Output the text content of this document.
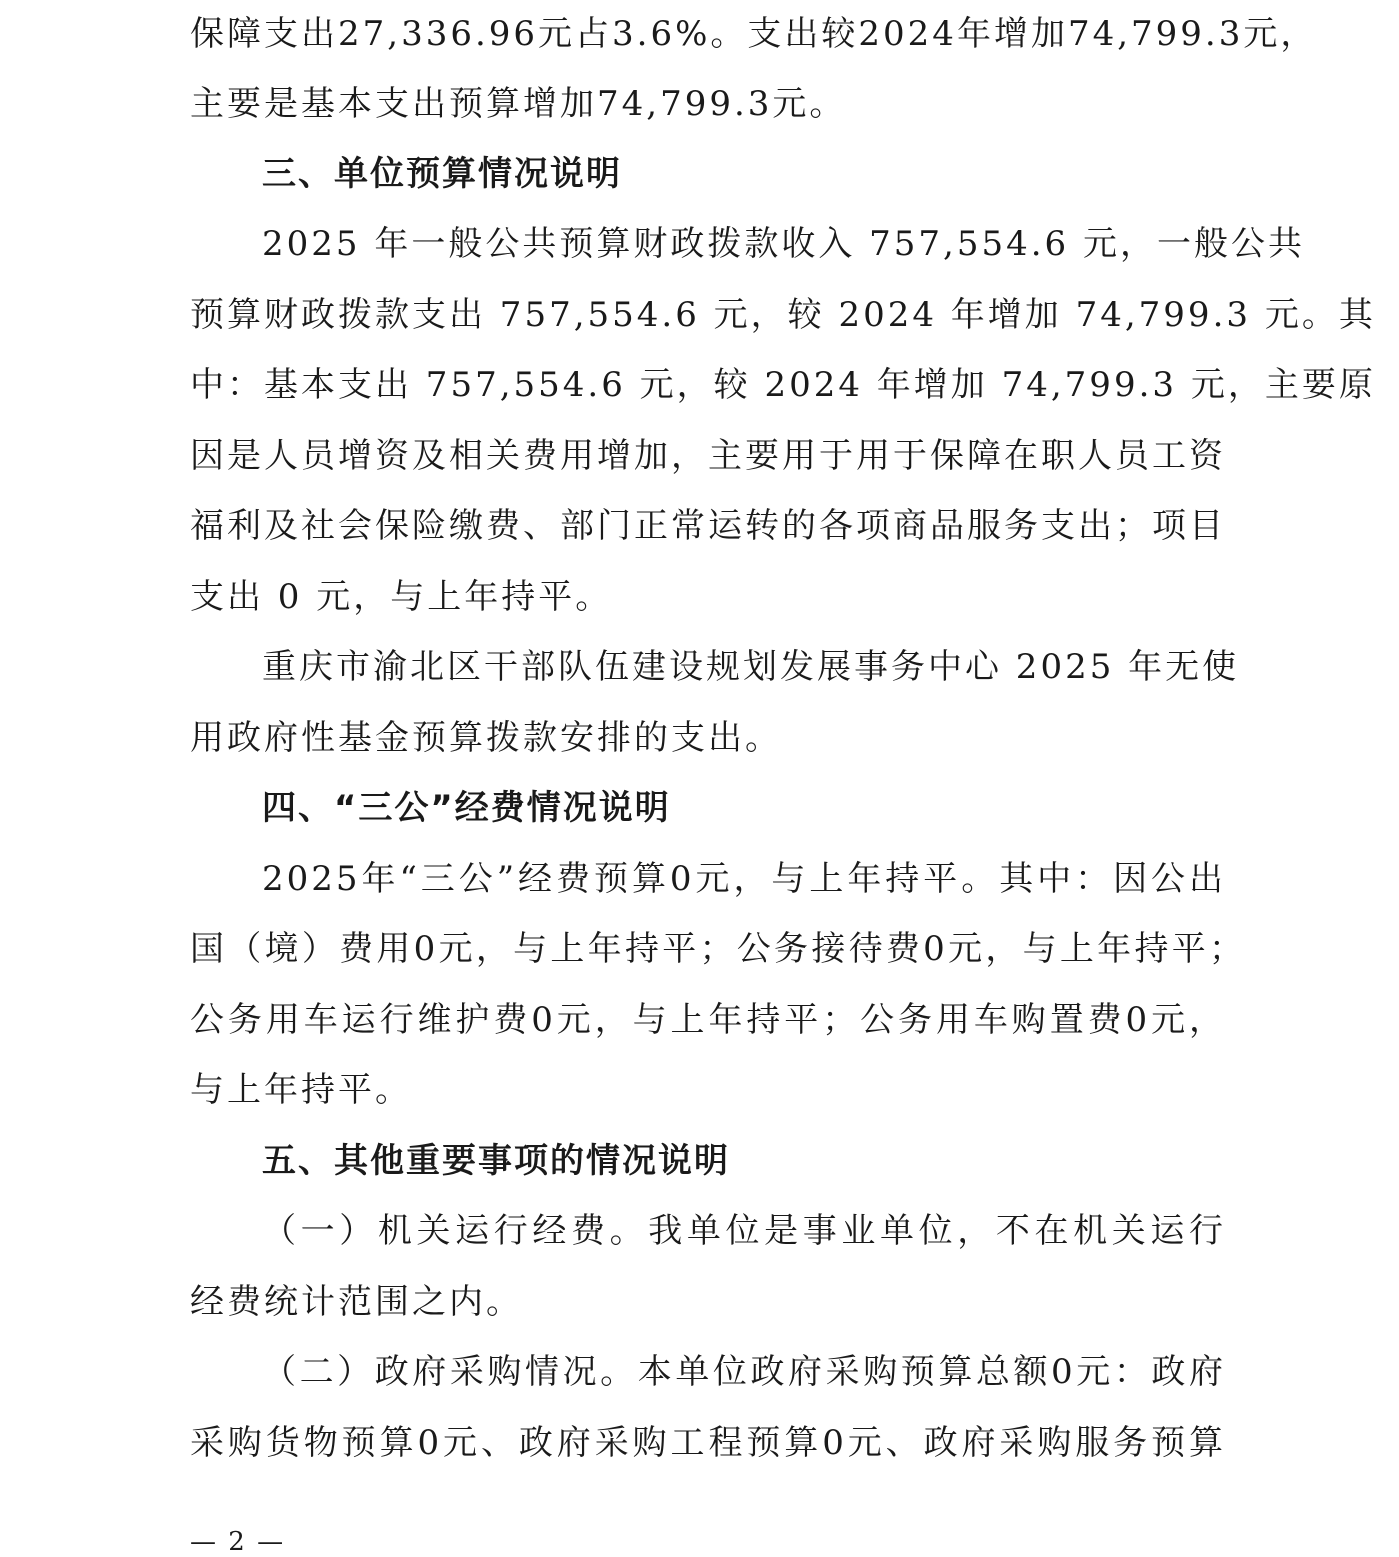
保障支出27,336.96元占3.6%。支出较2024年增加74,799.3元，
主要是基本支出预算增加74,799.3元。
三、单位预算情况说明
2025 年一般公共预算财政拨款收入 757,554.6 元，一般公共
预算财政拨款支出 757,554.6 元，较 2024 年增加 74,799.3 元。其
中：基本支出 757,554.6 元，较 2024 年增加 74,799.3 元，主要原
因是人员增资及相关费用增加，主要用于用于保障在职人员工资
福利及社会保险缴费、部门正常运转的各项商品服务支出；项目
支出 0 元，与上年持平。
重庆市渝北区干部队伍建设规划发展事务中心 2025 年无使
用政府性基金预算拨款安排的支出。
四、“三公”经费情况说明
2025年“三公”经费预算0元，与上年持平。其中：因公出
国（境）费用0元，与上年持平；公务接待费0元，与上年持平；
公务用车运行维护费0元，与上年持平；公务用车购置费0元，
与上年持平。
五、其他重要事项的情况说明
（一）机关运行经费。我单位是事业单位，不在机关运行
经费统计范围之内。
（二）政府采购情况。本单位政府采购预算总额0元：政府
采购货物预算0元、政府采购工程预算0元、政府采购服务预算
— 2 —
